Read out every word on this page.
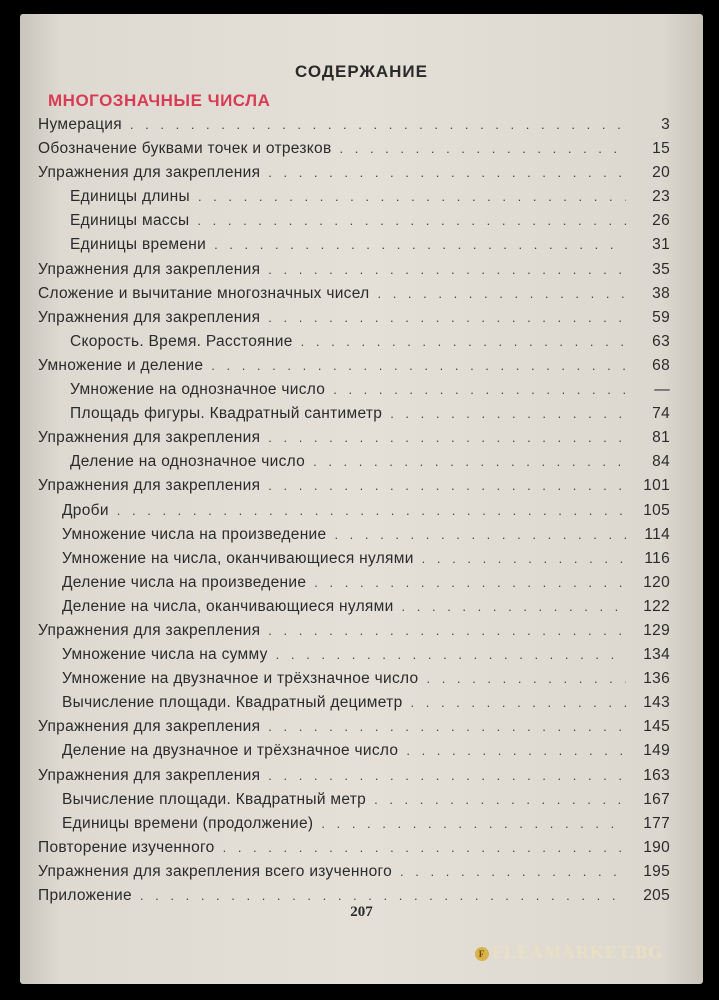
СОДЕРЖАНИЕ
МНОГОЗНАЧНЫЕ ЧИСЛА
Нумерация . . .	3
Обозначение буквами точек и отрезков . . .	15
Упражнения для закрепления . . .	20
Единицы длины . . .	23
Единицы массы . . .	26
Единицы времени . . .	31
Упражнения для закрепления . . .	35
Сложение и вычитание многозначных чисел . . .	38
Упражнения для закрепления . . .	59
Скорость. Время. Расстояние . . .	63
Умножение и деление . . .	68
Умножение на однозначное число . . .	—
Площадь фигуры. Квадратный сантиметр . . .	74
Упражнения для закрепления . . .	81
Деление на однозначное число . . .	84
Упражнения для закрепления . . .	101
Дроби . . .	105
Умножение числа на произведение . . .	114
Умножение на числа, оканчивающиеся нулями . . .	116
Деление числа на произведение . . .	120
Деление на числа, оканчивающиеся нулями . . .	122
Упражнения для закрепления . . .	129
Умножение числа на сумму . . .	134
Умножение на двузначное и трёхзначное число . . .	136
Вычисление площади. Квадратный дециметр . . .	143
Упражнения для закрепления . . .	145
Деление на двузначное и трёхзначное число . . .	149
Упражнения для закрепления . . .	163
Вычисление площади. Квадратный метр . . .	167
Единицы времени (продолжение) . . .	177
Повторение изученного . . .	190
Упражнения для закрепления всего изученного . . .	195
Приложение . . .	205
207
F FLEAMARKET.BG
